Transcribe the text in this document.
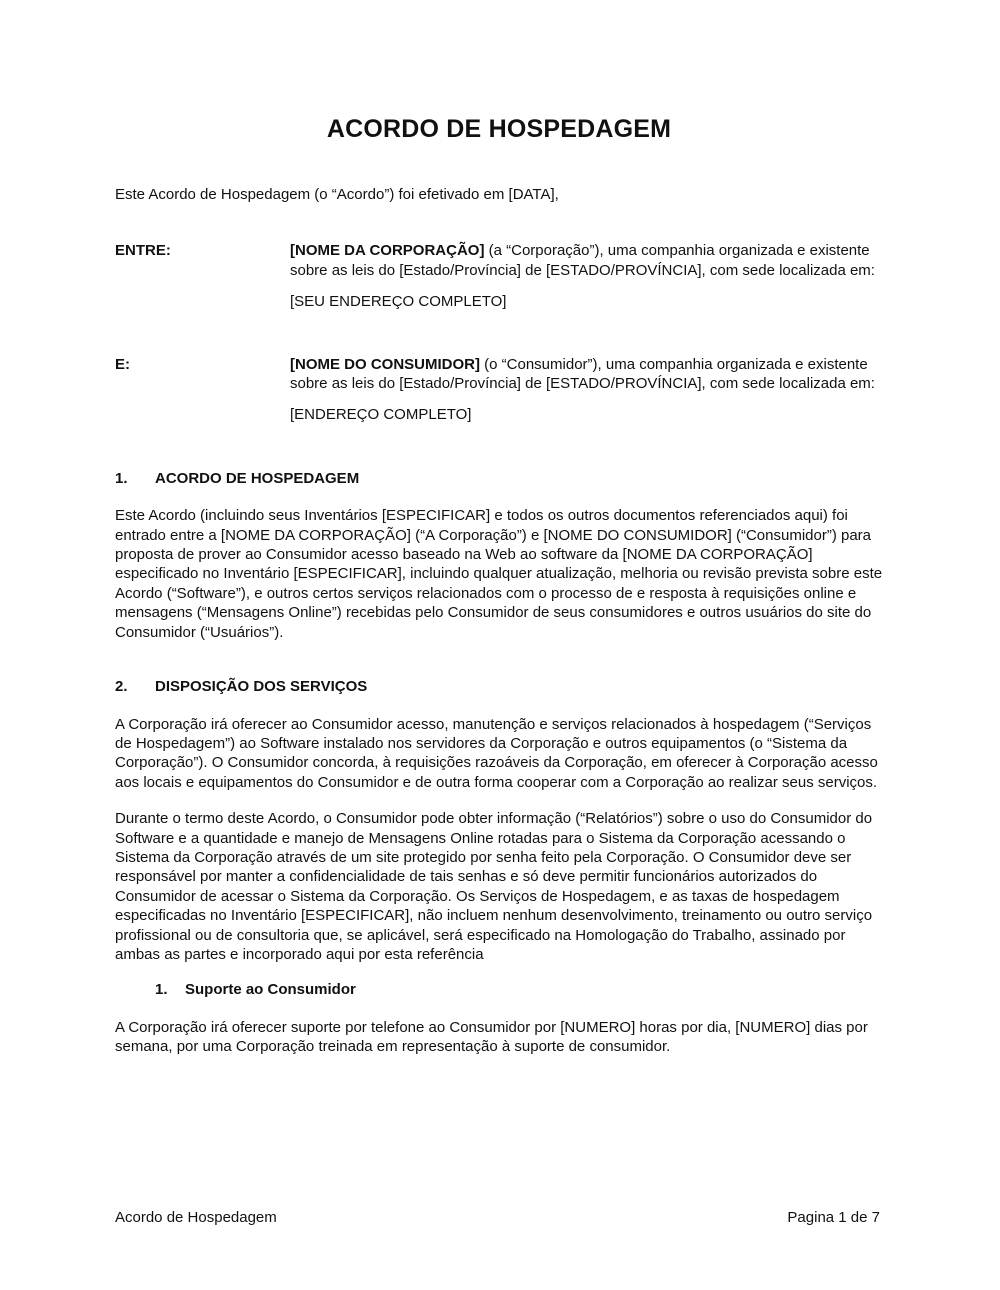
ACORDO DE HOSPEDAGEM

Este Acordo de Hospedagem (o “Acordo”) foi efetivado em [DATA],

ENTRE:	[NOME DA CORPORAÇÃO] (a “Corporação”), uma companhia organizada e existente sobre as leis do [Estado/Província] de [ESTADO/PROVÍNCIA], com sede localizada em:

[SEU ENDEREÇO COMPLETO]

E:	[NOME DO CONSUMIDOR] (o “Consumidor”), uma companhia organizada e existente sobre as leis do [Estado/Província] de [ESTADO/PROVÍNCIA], com sede localizada em:

[ENDEREÇO COMPLETO]

1.	ACORDO DE HOSPEDAGEM

Este Acordo (incluindo seus Inventários [ESPECIFICAR] e todos os outros documentos referenciados aqui) foi entrado entre a [NOME DA CORPORAÇÃO] (“A Corporação”) e [NOME DO CONSUMIDOR] (“Consumidor”) para proposta de prover ao Consumidor acesso baseado na Web ao software da [NOME DA CORPORAÇÃO] especificado no Inventário [ESPECIFICAR], incluindo qualquer atualização, melhoria ou revisão prevista sobre este Acordo (“Software”), e outros certos serviços relacionados com o processo de e resposta à requisições online e mensagens (“Mensagens Online”) recebidas pelo Consumidor de seus consumidores e outros usuários do site do Consumidor (“Usuários”).

2.	DISPOSIÇÃO DOS SERVIÇOS

A Corporação irá oferecer ao Consumidor acesso, manutenção e serviços relacionados à hospedagem (“Serviços de Hospedagem”) ao Software instalado nos servidores da Corporação e outros equipamentos (o “Sistema da Corporação”). O Consumidor concorda, à requisições razoáveis da Corporação, em oferecer à Corporação acesso aos locais e equipamentos do Consumidor e de outra forma cooperar com a Corporação ao realizar seus serviços.

Durante o termo deste Acordo, o Consumidor pode obter informação (“Relatórios”) sobre o uso do Consumidor do Software e a quantidade e manejo de Mensagens Online rotadas para o Sistema da Corporação acessando o Sistema da Corporação através de um site protegido por senha feito pela Corporação. O Consumidor deve ser responsável por manter a confidencialidade de tais senhas e só deve permitir funcionários autorizados do Consumidor de acessar o Sistema da Corporação. Os Serviços de Hospedagem, e as taxas de hospedagem especificadas no Inventário [ESPECIFICAR], não incluem nenhum desenvolvimento, treinamento ou outro serviço profissional ou de consultoria que, se aplicável, será especificado na Homologação do Trabalho, assinado por ambas as partes e incorporado aqui por esta referência

1.	Suporte ao Consumidor

A Corporação irá oferecer suporte por telefone ao Consumidor por [NUMERO] horas por dia, [NUMERO] dias por semana, por uma Corporação treinada em representação à suporte de consumidor.

Acordo de Hospedagem	Pagina 1 de 7
